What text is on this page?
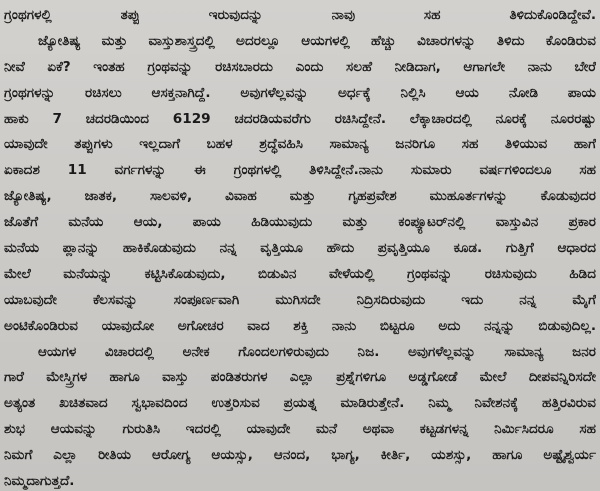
ಗ್ರಂಥಗಳಲ್ಲಿ ತಪ್ಪು ಇರುವುದನ್ನು ನಾವು ಸಹ ತಿಳಿದುಕೊಂಡಿದ್ದೇವೆ.
ಜ್ಯೋತಿಷ್ಯ ಮತ್ತು ವಾಸ್ತುಶಾಸ್ತ್ರದಲ್ಲಿ ಅದರಲ್ಲೂ ಆಯಗಳಲ್ಲಿ ಹೆಚ್ಚು ವಿಚಾರಗಳನ್ನು ತಿಳಿದು ಕೊಂಡಿರುವ
ನೀವೆ ಏಕೆ? ಇಂತಹ ಗ್ರಂಥವನ್ನು ರಚಿಸಬಾರದು ಎಂದು ಸಲಹೆ ನೀಡಿದಾಗ, ಆಗಾಗಲೇ ನಾನು ಬೇರೆ
ಗ್ರಂಥಗಳನ್ನು ರಚಿಸಲು ಆಸಕ್ತನಾಗಿದ್ದೆ. ಅವುಗಳೆಲ್ಲವನ್ನು ಅರ್ಧಕ್ಕೆ ನಿಲ್ಲಿಸಿ ಆಯ ನೋಡಿ ಪಾಯ
ಹಾಕು 7 ಚದರಡಿಯಿಂದ 6129 ಚದರಡಿಯವರೆಗು ರಚಿಸಿದ್ದೇನೆ. ಲೆಕ್ಕಾಚಾರದಲ್ಲಿ ನೂರಕ್ಕೆ ನೂರರಷ್ಟು
ಯಾವುದೇ ತಪ್ಪುಗಳು ಇಲ್ಲದಾಗೆ ಬಹಳ ಶ್ರದ್ಧೆವಹಿಸಿ ಸಾಮಾನ್ಯ ಜನರಿಗೂ ಸಹ ತಿಳಿಯುವ ಹಾಗೆ
ಏಕಾದಶ 11 ವರ್ಗಗಳನ್ನು ಈ ಗ್ರಂಥಗಳಲ್ಲಿ ತಿಳಿಸಿದ್ದೇನೆ.ನಾನು ಸುಮಾರು ವರ್ಷಗಳಿಂದಲೂ ಸಹ
ಜ್ಯೋತಿಷ್ಯ, ಜಾತಕ, ಸಾಲವಳಿ, ವಿವಾಹ ಮತ್ತು ಗೃಹಪ್ರವೇಶ ಮುಹೂರ್ತಗಳನ್ನು ಕೊಡುವುದರ
ಜೊತೆಗೆ ಮನೆಯ ಆಯ, ಪಾಯ ಹಿಡಿಯುವುದು ಮತ್ತು ಕಂಪ್ಯೂಟರ್‌ನಲ್ಲಿ ವಾಸ್ತುವಿನ ಪ್ರಕಾರ
ಮನೆಯ ಪ್ಲಾನನ್ನು ಹಾಕಿಕೊಡುವುದು ನನ್ನ ವೃತ್ತಿಯೂ ಹೌದು ಪ್ರವೃತ್ತಿಯೂ ಕೂಡ. ಗುತ್ತಿಗೆ ಆಧಾರದ
ಮೇಲೆ ಮನೆಯನ್ನು ಕಟ್ಟಿಸಿಕೊಡುವುದು, ಬಿಡುವಿನ ವೇಳೆಯಲ್ಲಿ ಗ್ರಂಥವನ್ನು ರಚಿಸುವುದು ಹಿಡಿದ
ಯಾಬವುದೇ ಕೆಲಸವನ್ನು ಸಂಪೂರ್ಣವಾಗಿ ಮುಗಿಸದೇ ನಿದ್ರಿಸದಿರುವುದು ಇದು ನನ್ನ ಮೈಗೆ
ಅಂಟಿಕೊಂಡಿರುವ ಯಾವುದೋ ಅಗೋಚರ ವಾದ ಶಕ್ತಿ ನಾನು ಬಿಟ್ಟರೂ ಅದು ನನ್ನನ್ನು ಬಿಡುವುದಿಲ್ಲ.
ಆಯಗಳ ವಿಚಾರದಲ್ಲಿ ಅನೇಕ ಗೊಂದಲಗಳಿರುವುದು ನಿಜ. ಅವುಗಳೆಲ್ಲವನ್ನು ಸಾಮಾನ್ಯ ಜನರ
ಗಾರೆ ಮೇಸ್ತ್ರಿಗಳ ಹಾಗೂ ವಾಸ್ತು ಪಂಡಿತರುಗಳ ಎಲ್ಲಾ ಪ್ರಶ್ನೆಗಳಿಗೂ ಅಡ್ಡಗೋಡೆ ಮೇಲೆ ದೀಪವನ್ನಿರಿಸದೇ
ಅತ್ಯಂತ ಖಚಿತವಾದ ಸ್ವಭಾವದಿಂದ ಉತ್ತರಿಸುವ ಪ್ರಯತ್ನ ಮಾಡಿರುತ್ತೇನೆ. ನಿಮ್ಮ ನಿವೇಶನಕ್ಕೆ ಹತ್ತಿರವಿರುವ
ಶುಭ ಆಯವನ್ನು ಗುರುತಿಸಿ ಇದರಲ್ಲಿ ಯಾವುದೇ ಮನೆ ಅಥವಾ ಕಟ್ಟಡಗಳನ್ನ ನಿರ್ಮಿಸಿದರೂ ಸಹ
ನಿಮಗೆ ಎಲ್ಲಾ ರೀತಿಯ ಆರೋಗ್ಯ ಆಯಸ್ಸು, ಆನಂದ, ಭಾಗ್ಯ, ಕೀರ್ತಿ, ಯಶಸ್ಸು, ಹಾಗೂ ಅಷ್ಟೈಶ್ವರ್ಯ
ನಿಮ್ಮದಾಗುತ್ತದೆ.
